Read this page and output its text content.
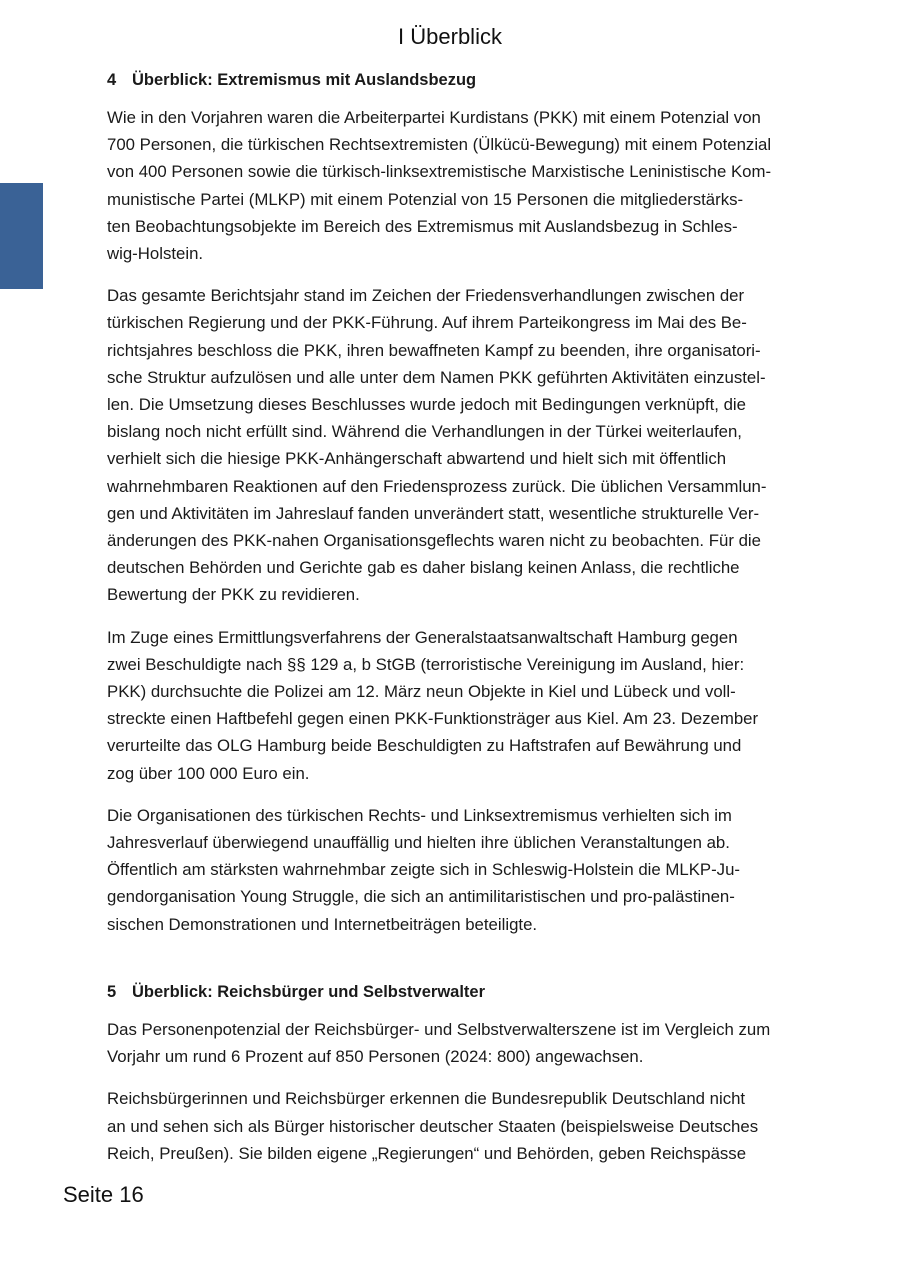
I Überblick
4 Überblick: Extremismus mit Auslandsbezug
Wie in den Vorjahren waren die Arbeiterpartei Kurdistans (PKK) mit einem Potenzial von
700 Personen, die türkischen Rechtsextremisten (Ülkücü-Bewegung) mit einem Potenzial
von 400 Personen sowie die türkisch-linksextremistische Marxistische Leninistische Kom-
munistische Partei (MLKP) mit einem Potenzial von 15 Personen die mitgliederstärks-
ten Beobachtungsobjekte im Bereich des Extremismus mit Auslandsbezug in Schles-
wig-Holstein.
Das gesamte Berichtsjahr stand im Zeichen der Friedensverhandlungen zwischen der
türkischen Regierung und der PKK-Führung. Auf ihrem Parteikongress im Mai des Be-
richtsjahres beschloss die PKK, ihren bewaffneten Kampf zu beenden, ihre organisatori-
sche Struktur aufzulösen und alle unter dem Namen PKK geführten Aktivitäten einzustel-
len. Die Umsetzung dieses Beschlusses wurde jedoch mit Bedingungen verknüpft, die
bislang noch nicht erfüllt sind. Während die Verhandlungen in der Türkei weiterlaufen,
verhielt sich die hiesige PKK-Anhängerschaft abwartend und hielt sich mit öffentlich
wahrnehmbaren Reaktionen auf den Friedensprozess zurück. Die üblichen Versammlun-
gen und Aktivitäten im Jahreslauf fanden unverändert statt, wesentliche strukturelle Ver-
änderungen des PKK-nahen Organisationsgeflechts waren nicht zu beobachten. Für die
deutschen Behörden und Gerichte gab es daher bislang keinen Anlass, die rechtliche
Bewertung der PKK zu revidieren.
Im Zuge eines Ermittlungsverfahrens der Generalstaatsanwaltschaft Hamburg gegen
zwei Beschuldigte nach §§ 129 a, b StGB (terroristische Vereinigung im Ausland, hier:
PKK) durchsuchte die Polizei am 12. März neun Objekte in Kiel und Lübeck und voll-
streckte einen Haftbefehl gegen einen PKK-Funktionsträger aus Kiel. Am 23. Dezember
verurteilte das OLG Hamburg beide Beschuldigten zu Haftstrafen auf Bewährung und
zog über 100 000 Euro ein.
Die Organisationen des türkischen Rechts- und Linksextremismus verhielten sich im
Jahresverlauf überwiegend unauffällig und hielten ihre üblichen Veranstaltungen ab.
Öffentlich am stärksten wahrnehmbar zeigte sich in Schleswig-Holstein die MLKP-Ju-
gendorganisation Young Struggle, die sich an antimilitaristischen und pro-palästinen-
sischen Demonstrationen und Internetbeiträgen beteiligte.
5 Überblick: Reichsbürger und Selbstverwalter
Das Personenpotenzial der Reichsbürger- und Selbstverwalterszene ist im Vergleich zum
Vorjahr um rund 6 Prozent auf 850 Personen (2024: 800) angewachsen.
Reichsbürgerinnen und Reichsbürger erkennen die Bundesrepublik Deutschland nicht
an und sehen sich als Bürger historischer deutscher Staaten (beispielsweise Deutsches
Reich, Preußen). Sie bilden eigene „Regierungen“ und Behörden, geben Reichspässe
Seite 16
